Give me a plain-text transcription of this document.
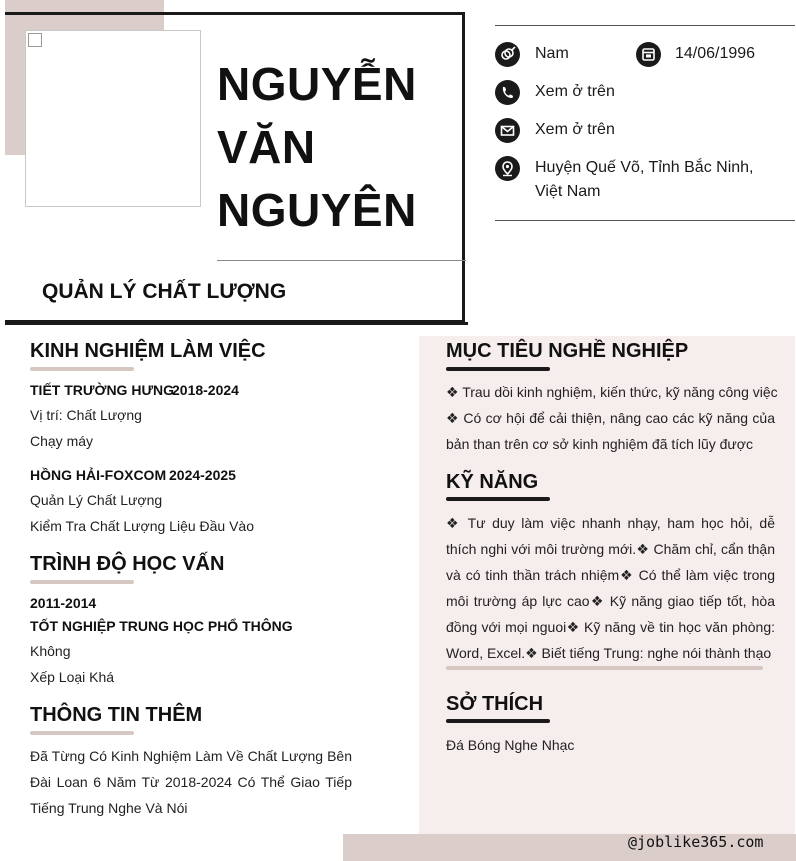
NGUYỄN
VĂN
NGUYÊN
QUẢN LÝ CHẤT LƯỢNG
Nam	14/06/1996
Xem ở trên
Xem ở trên
Huyện Quế Võ, Tỉnh Bắc Ninh,
Việt Nam
KINH NGHIỆM LÀM VIỆC
TIẾT TRƯỜNG HƯNG
2018-2024
Vị trí: Chất Lượng
Chạy máy
HỒNG HẢI-FOXCOM 2024-2025
Quản Lý Chất Lượng
Kiểm Tra Chất Lượng Liệu Đầu Vào
TRÌNH ĐỘ HỌC VẤN
2011-2014
TỐT NGHIỆP TRUNG HỌC PHỔ THÔNG
Không
Xếp Loại Khá
THÔNG TIN THÊM
Đã Từng Có Kinh Nghiệm Làm Về Chất Lượng Bên Đài Loan 6 Năm Từ 2018-2024 Có Thể Giao Tiếp Tiếng Trung Nghe Và Nói
MỤC TIÊU NGHỀ NGHIỆP
❖ Trau dồi kinh nghiệm, kiến thức, kỹ năng công việc
❖ Có cơ hội để cải thiện, nâng cao các kỹ năng của bản than trên cơ sở kinh nghiệm đã tích lũy được
KỸ NĂNG
❖ Tư duy làm việc nhanh nhạy, ham học hỏi, dễ thích nghi với môi trường mới.❖ Chăm chỉ, cẩn thận và có tinh thần trách nhiệm❖ Có thể làm việc trong môi trường áp lực cao❖ Kỹ năng giao tiếp tốt, hòa đồng với mọi nguoi❖ Kỹ năng về tin học văn phòng: Word, Excel.❖ Biết tiếng Trung: nghe nói thành thạo
SỞ THÍCH
Đá Bóng Nghe Nhạc
@joblike365.com
